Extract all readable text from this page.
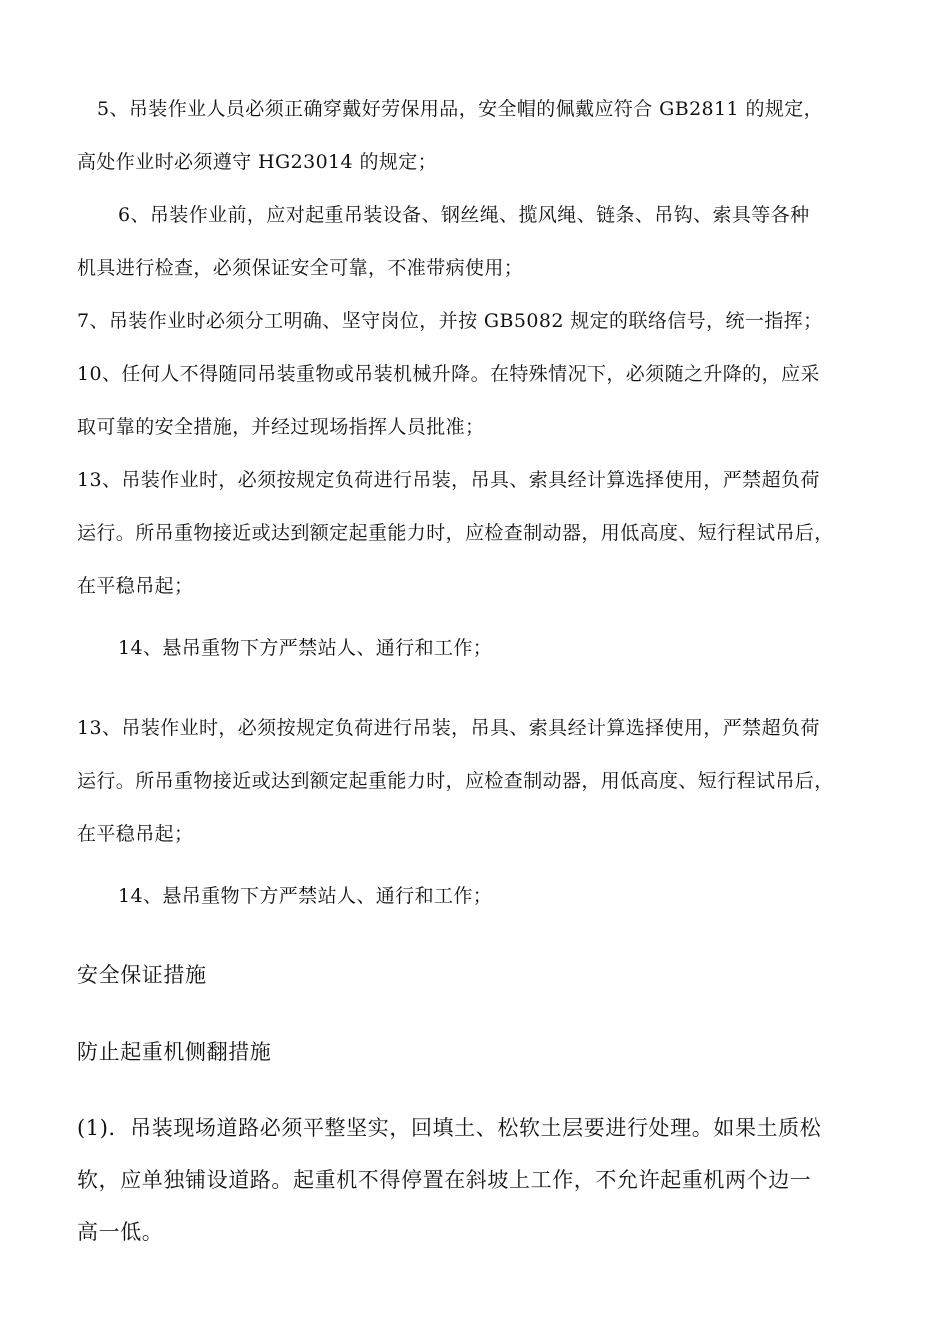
5、吊装作业人员必须正确穿戴好劳保用品，安全帽的佩戴应符合 GB2811 的规定，
高处作业时必须遵守 HG23014 的规定；
6、吊装作业前，应对起重吊装设备、钢丝绳、揽风绳、链条、吊钩、索具等各种
机具进行检查，必须保证安全可靠，不准带病使用；
7、吊装作业时必须分工明确、坚守岗位，并按 GB5082 规定的联络信号，统一指挥；
10、任何人不得随同吊装重物或吊装机械升降。在特殊情况下，必须随之升降的，应采
取可靠的安全措施，并经过现场指挥人员批准；
13、吊装作业时，必须按规定负荷进行吊装，吊具、索具经计算选择使用，严禁超负荷
运行。所吊重物接近或达到额定起重能力时，应检查制动器，用低高度、短行程试吊后，
在平稳吊起；
14、悬吊重物下方严禁站人、通行和工作；
13、吊装作业时，必须按规定负荷进行吊装，吊具、索具经计算选择使用，严禁超负荷
运行。所吊重物接近或达到额定起重能力时，应检查制动器，用低高度、短行程试吊后，
在平稳吊起；
14、悬吊重物下方严禁站人、通行和工作；
安全保证措施
防止起重机侧翻措施
(1)．吊装现场道路必须平整坚实，回填土、松软土层要进行处理。如果土质松
软，应单独铺设道路。起重机不得停置在斜坡上工作，不允许起重机两个边一
高一低。
